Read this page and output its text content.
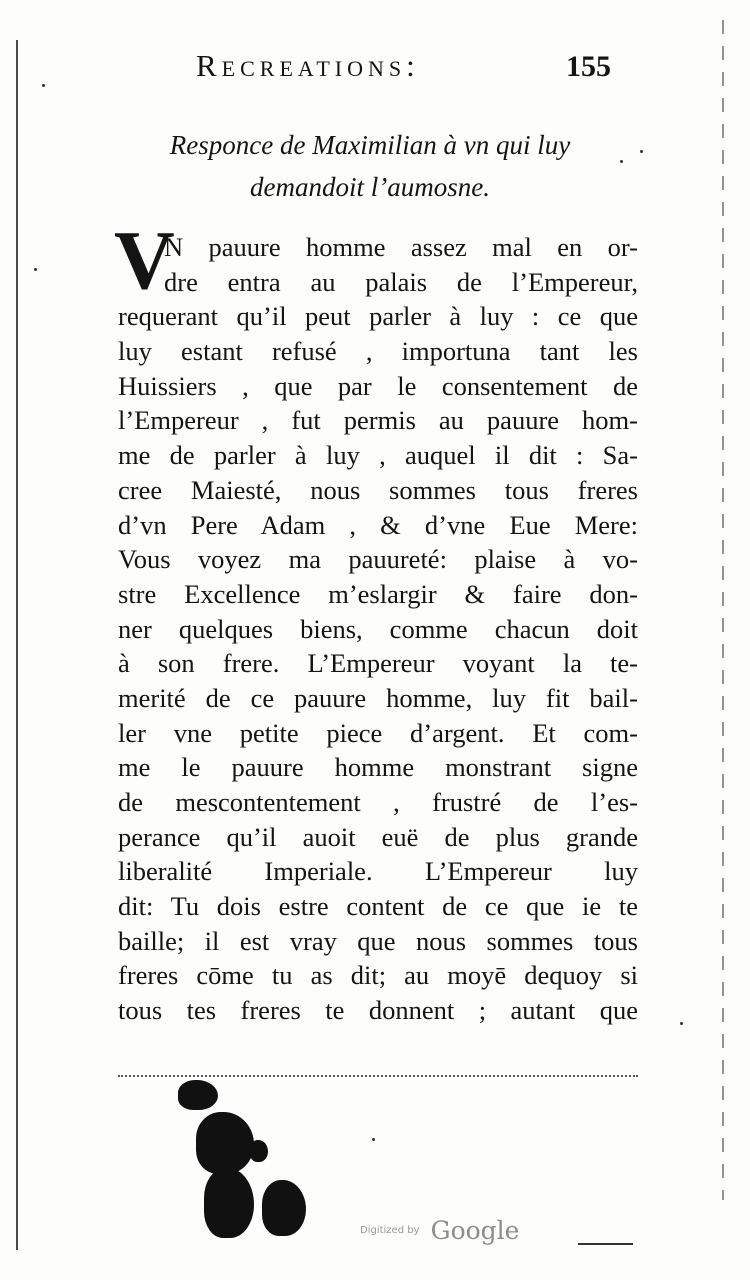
Recreations:	155
Responce de Maximilian à vn qui luy
demandoit l’aumosne.
V
N pauure homme assez mal en or-
dre entra au palais de l’Empereur,
requerant qu’il peut parler à luy : ce que
luy estant refusé , importuna tant les
Huissiers , que par le consentement de
l’Empereur , fut permis au pauure hom-
me de parler à luy , auquel il dit : Sa-
cree Maiesté, nous sommes tous freres
d’vn Pere Adam , & d’vne Eue Mere:
Vous voyez ma pauureté: plaise à vo-
stre Excellence m’eslargir & faire don-
ner quelques biens, comme chacun doit
à son frere. L’Empereur voyant la te-
merité de ce pauure homme, luy fit bail-
ler vne petite piece d’argent. Et com-
me le pauure homme monstrant signe
de mescontentement , frustré de l’es-
perance qu’il auoit euë de plus grande
liberalité Imperiale. L’Empereur luy
dit: Tu dois estre content de ce que ie te
baille; il est vray que nous sommes tous
freres cōme tu as dit; au moyē dequoy si
tous tes freres te donnent ; autant que
Digitized by Google
